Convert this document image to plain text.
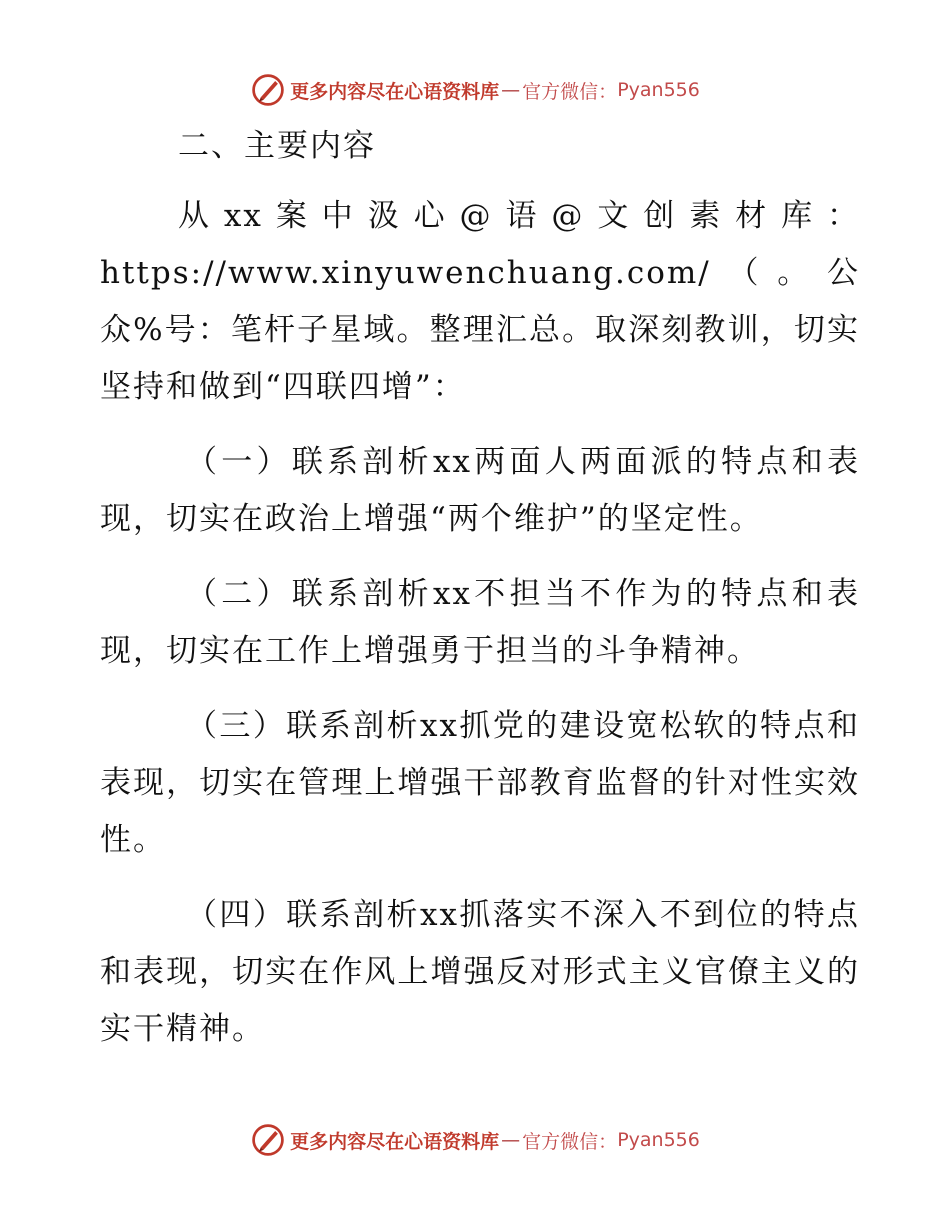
更多内容尽在心语资料库 — 官方微信： Pyan556

二、主要内容

从xx案中汲心@语@文创素材库：https://www.xinyuwenchuang.com/（。公众%号：笔杆子星域。整理汇总。取深刻教训，切实坚持和做到“四联四增”：

（一）联系剖析xx两面人两面派的特点和表现，切实在政治上增强“两个维护”的坚定性。

（二）联系剖析xx不担当不作为的特点和表现，切实在工作上增强勇于担当的斗争精神。

（三）联系剖析xx抓党的建设宽松软的特点和表现，切实在管理上增强干部教育监督的针对性实效性。

（四）联系剖析xx抓落实不深入不到位的特点和表现，切实在作风上增强反对形式主义官僚主义的实干精神。

更多内容尽在心语资料库 — 官方微信： Pyan556
